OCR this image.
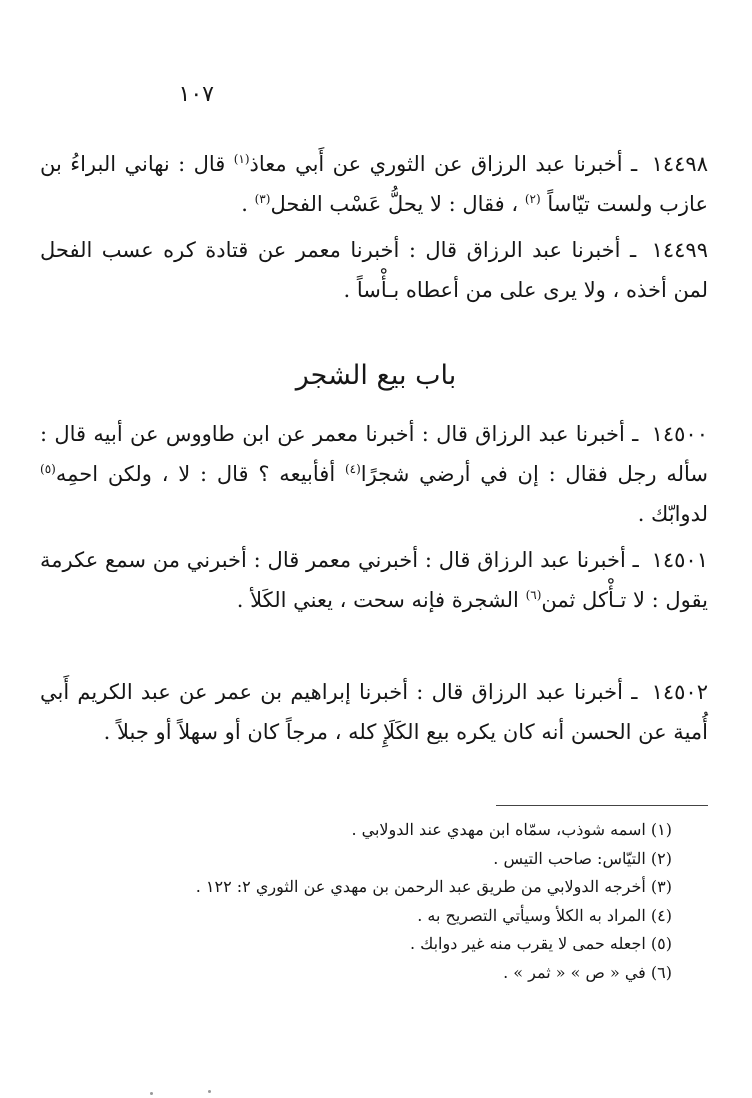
١٠٧
١٤٤٩٨ ـ أخبرنا عبد الرزاق عن الثوري عن أَبي معاذ$^{(١)}$ قال : نهاني البراءُ بن عازب ولست تيّاساً $^{(٢)}$ ، فقال : لا يحلُّ عَسْب الفحل$^{(٣)}$ .
١٤٤٩٩ ـ أخبرنا عبد الرزاق قال : أخبرنا معمر عن قتادة كره عسب الفحل لمن أخذه ، ولا يرى على من أعطاه بـأْساً .
باب بيع الشجر
١٤٥٠٠ ـ أخبرنا عبد الرزاق قال : أخبرنا معمر عن ابن طاووس عن أبيه قال : سأله رجل فقال : إن في أرضي شجرًا$^{(٤)}$ أفأبيعه ؟ قال : لا ، ولكن احمِه$^{(٥)}$ لدوابّك .
١٤٥٠١ ـ أخبرنا عبد الرزاق قال : أخبرني معمر قال : أخبرني من سمع عكرمة يقول : لا تـأْكل ثمن$^{(٦)}$ الشجرة فإنه سحت ، يعني الكَلأ .
١٤٥٠٢ ـ أخبرنا عبد الرزاق قال : أخبرنا إبراهيم بن عمر عن عبد الكريم أَبي أُمية عن الحسن أنه كان يكره بيع الكَلَإِ كله ، مرجاً كان أو سهلاً أو جبلاً .
(١) اسمه شوذب، سمّاه ابن مهدي عند الدولابي .
(٢) التيّاس: صاحب التيس .
(٣) أخرجه الدولابي من طريق عبد الرحمن بن مهدي عن الثوري ٢: ١٢٢ .
(٤) المراد به الكلأ وسيأتي التصريح به .
(٥) اجعله حمى لا يقرب منه غير دوابك .
(٦) في « ص » « ثمر » .
